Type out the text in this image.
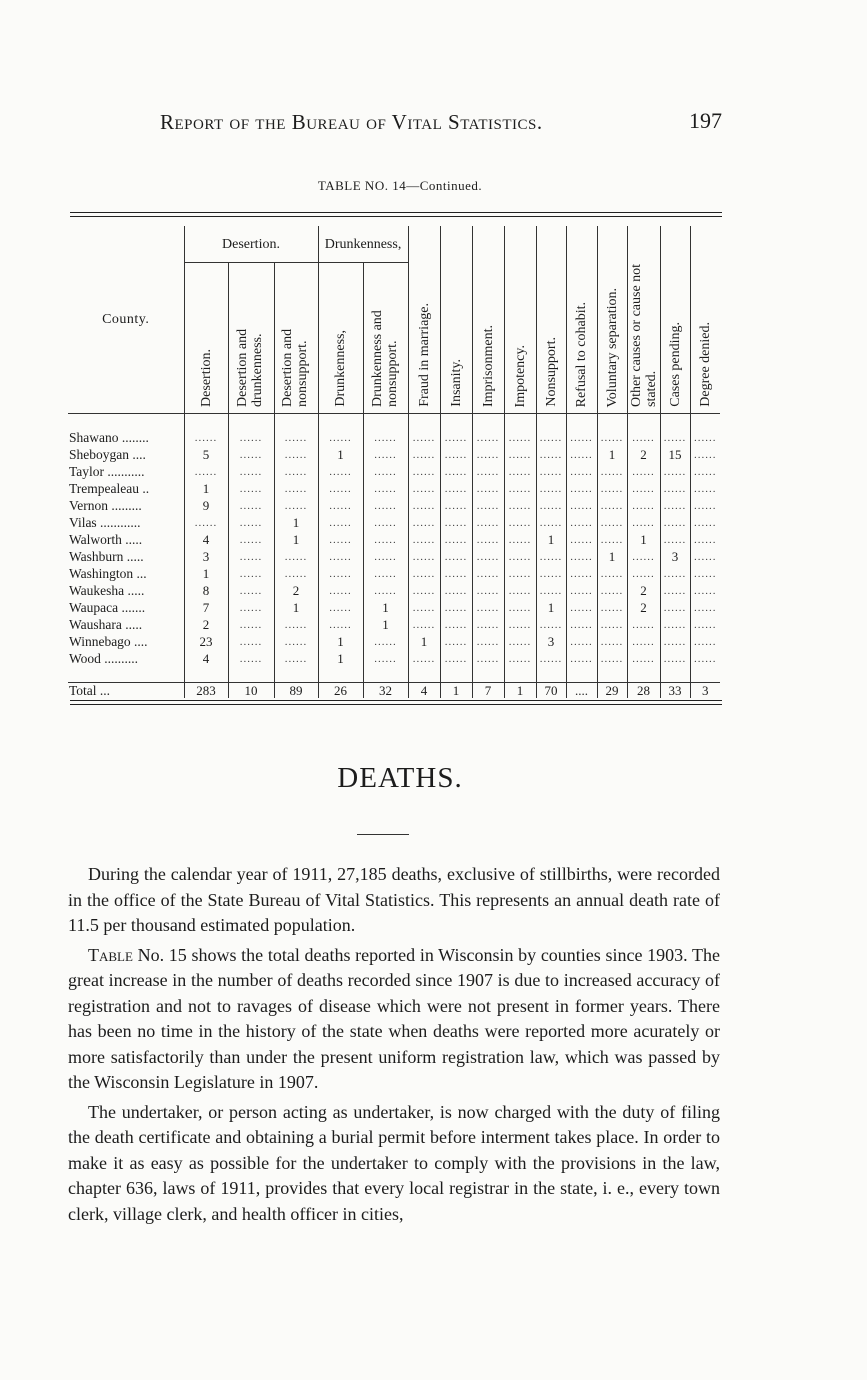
Report of the Bureau of Vital Statistics.	197
TABLE NO. 14—Continued.
County.	Desertion.			Drunkenness,		Fraud in marriage.	Insanity.	Imprisonment.	Impotency.	Nonsupport.	Refusal to cohabit.	Voluntary separation.	Other causes or cause not stated.	Cases pending.	Degree denied.

	Desertion.	Desertion and drunkenness.	Desertion and nonsupport.	Drunkenness,	Drunkenness and nonsupport.										

Shawano ........	......	......	......	......	......	......	......	......	......	......	......	......	......	......	......
Sheboygan ....	5	......	......	1	......	......	......	......	......	......	......	1	2	15	......
Taylor ...........	......	......	......	......	......	......	......	......	......	......	......	......	......	......	......
Trempealeau ..	1	......	......	......	......	......	......	......	......	......	......	......	......	......	......
Vernon .........	9	......	......	......	......	......	......	......	......	......	......	......	......	......	......
Vilas ............	......	......	1	......	......	......	......	......	......	......	......	......	......	......	......
Walworth .....	4	......	1	......	......	......	......	......	......	1	......	......	1	......	......
Washburn .....	3	......	......	......	......	......	......	......	......	......	......	1	......	3	......
Washington ...	1	......	......	......	......	......	......	......	......	......	......	......	......	......	......
Waukesha .....	8	......	2	......	......	......	......	......	......	......	......	......	2	......	......
Waupaca .......	7	......	1	......	1	......	......	......	......	1	......	......	2	......	......
Waushara .....	2	......	......	......	1	......	......	......	......	......	......	......	......	......	......
Winnebago ....	23	......	......	1	......	1	......	......	......	3	......	......	......	......	......
Wood ..........	4	......	......	1	......	......	......	......	......	......	......	......	......	......	......

Total ...	283	10	89	26	32	4	1	7	1	70	....	29	28	33	3
DEATHS.

During the calendar year of 1911, 27,185 deaths, exclusive of stillbirths, were recorded in the office of the State Bureau of Vital Statistics. This represents an annual death rate of 11.5 per thousand estimated population.

Table No. 15 shows the total deaths reported in Wisconsin by counties since 1903. The great increase in the number of deaths recorded since 1907 is due to increased accuracy of registration and not to ravages of disease which were not present in former years. There has been no time in the history of the state when deaths were reported more acurately or more satisfactorily than under the present uniform registration law, which was passed by the Wisconsin Legislature in 1907.

The undertaker, or person acting as undertaker, is now charged with the duty of filing the death certificate and obtaining a burial permit before interment takes place. In order to make it as easy as possible for the undertaker to comply with the provisions in the law, chapter 636, laws of 1911, provides that every local registrar in the state, i. e., every town clerk, village clerk, and health officer in cities,
